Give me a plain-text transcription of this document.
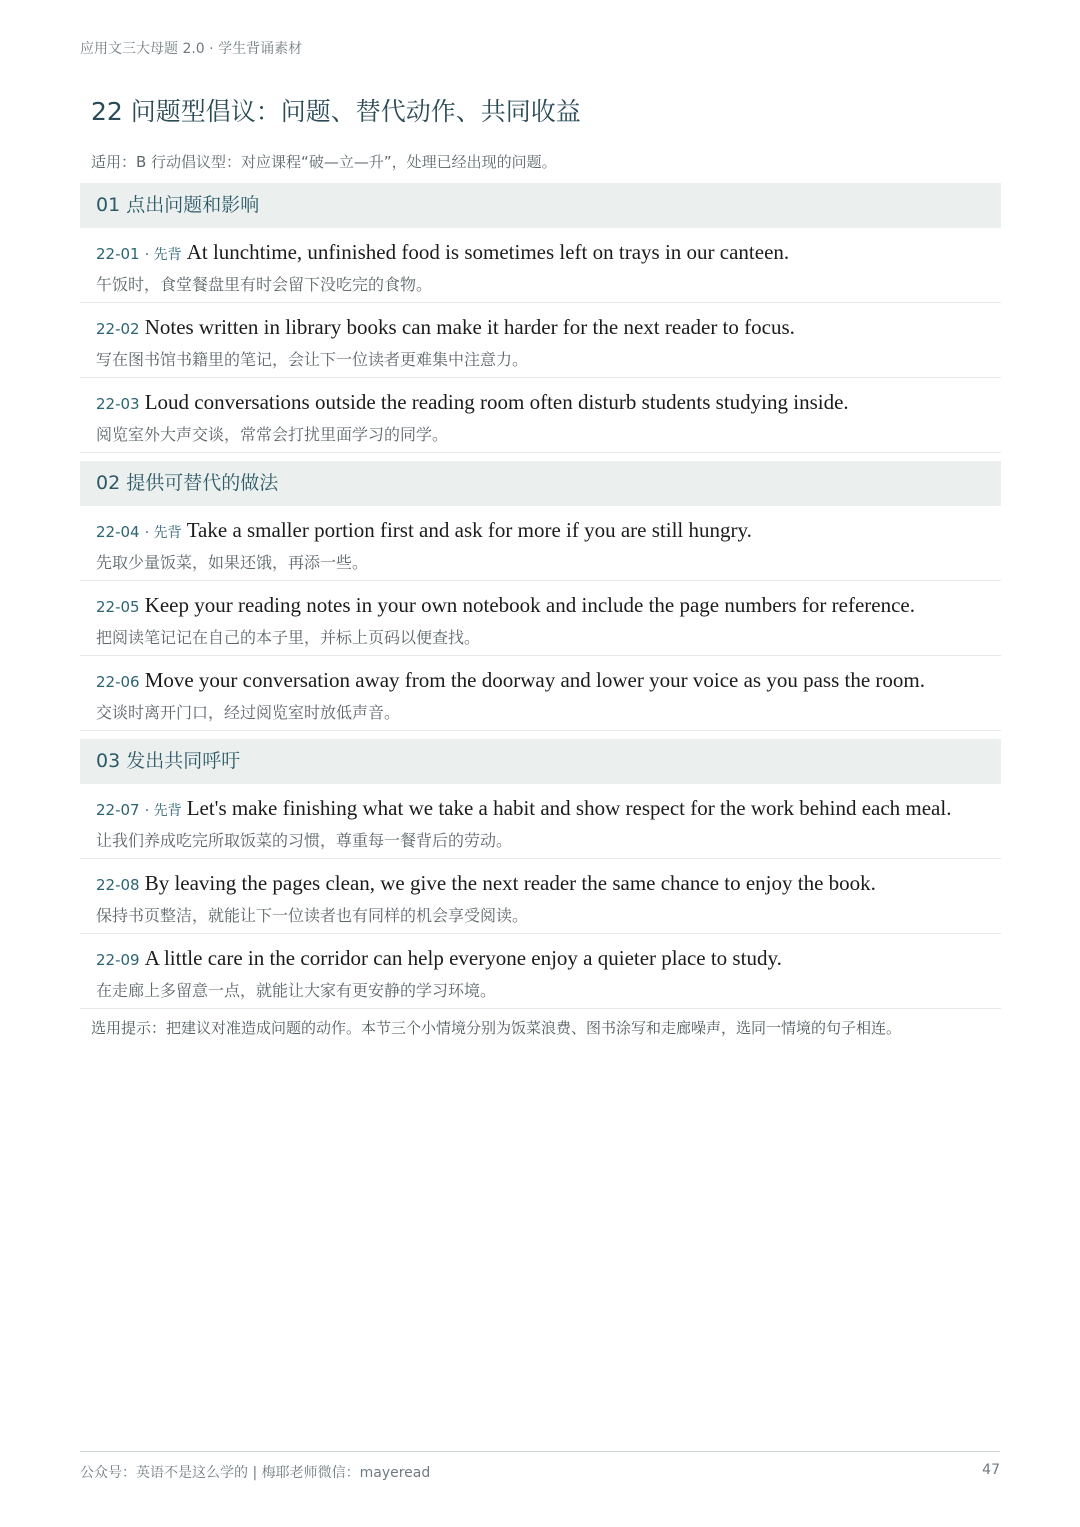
应用文三大母题 2.0 · 学生背诵素材
22 问题型倡议：问题、替代动作、共同收益
适用：B 行动倡议型：对应课程“破—立—升”，处理已经出现的问题。
01 点出问题和影响
22-01 · 先背 At lunchtime, unfinished food is sometimes left on trays in our canteen.
午饭时，食堂餐盘里有时会留下没吃完的食物。
22-02 Notes written in library books can make it harder for the next reader to focus.
写在图书馆书籍里的笔记，会让下一位读者更难集中注意力。
22-03 Loud conversations outside the reading room often disturb students studying inside.
阅览室外大声交谈，常常会打扰里面学习的同学。
02 提供可替代的做法
22-04 · 先背 Take a smaller portion first and ask for more if you are still hungry.
先取少量饭菜，如果还饿，再添一些。
22-05 Keep your reading notes in your own notebook and include the page numbers for reference.
把阅读笔记记在自己的本子里，并标上页码以便查找。
22-06 Move your conversation away from the doorway and lower your voice as you pass the room.
交谈时离开门口，经过阅览室时放低声音。
03 发出共同呼吁
22-07 · 先背 Let's make finishing what we take a habit and show respect for the work behind each meal.
让我们养成吃完所取饭菜的习惯，尊重每一餐背后的劳动。
22-08 By leaving the pages clean, we give the next reader the same chance to enjoy the book.
保持书页整洁，就能让下一位读者也有同样的机会享受阅读。
22-09 A little care in the corridor can help everyone enjoy a quieter place to study.
在走廊上多留意一点，就能让大家有更安静的学习环境。
选用提示：把建议对准造成问题的动作。本节三个小情境分别为饭菜浪费、图书涂写和走廊噪声，选同一情境的句子相连。
公众号：英语不是这么学的 | 梅耶老师微信：mayeread	47
